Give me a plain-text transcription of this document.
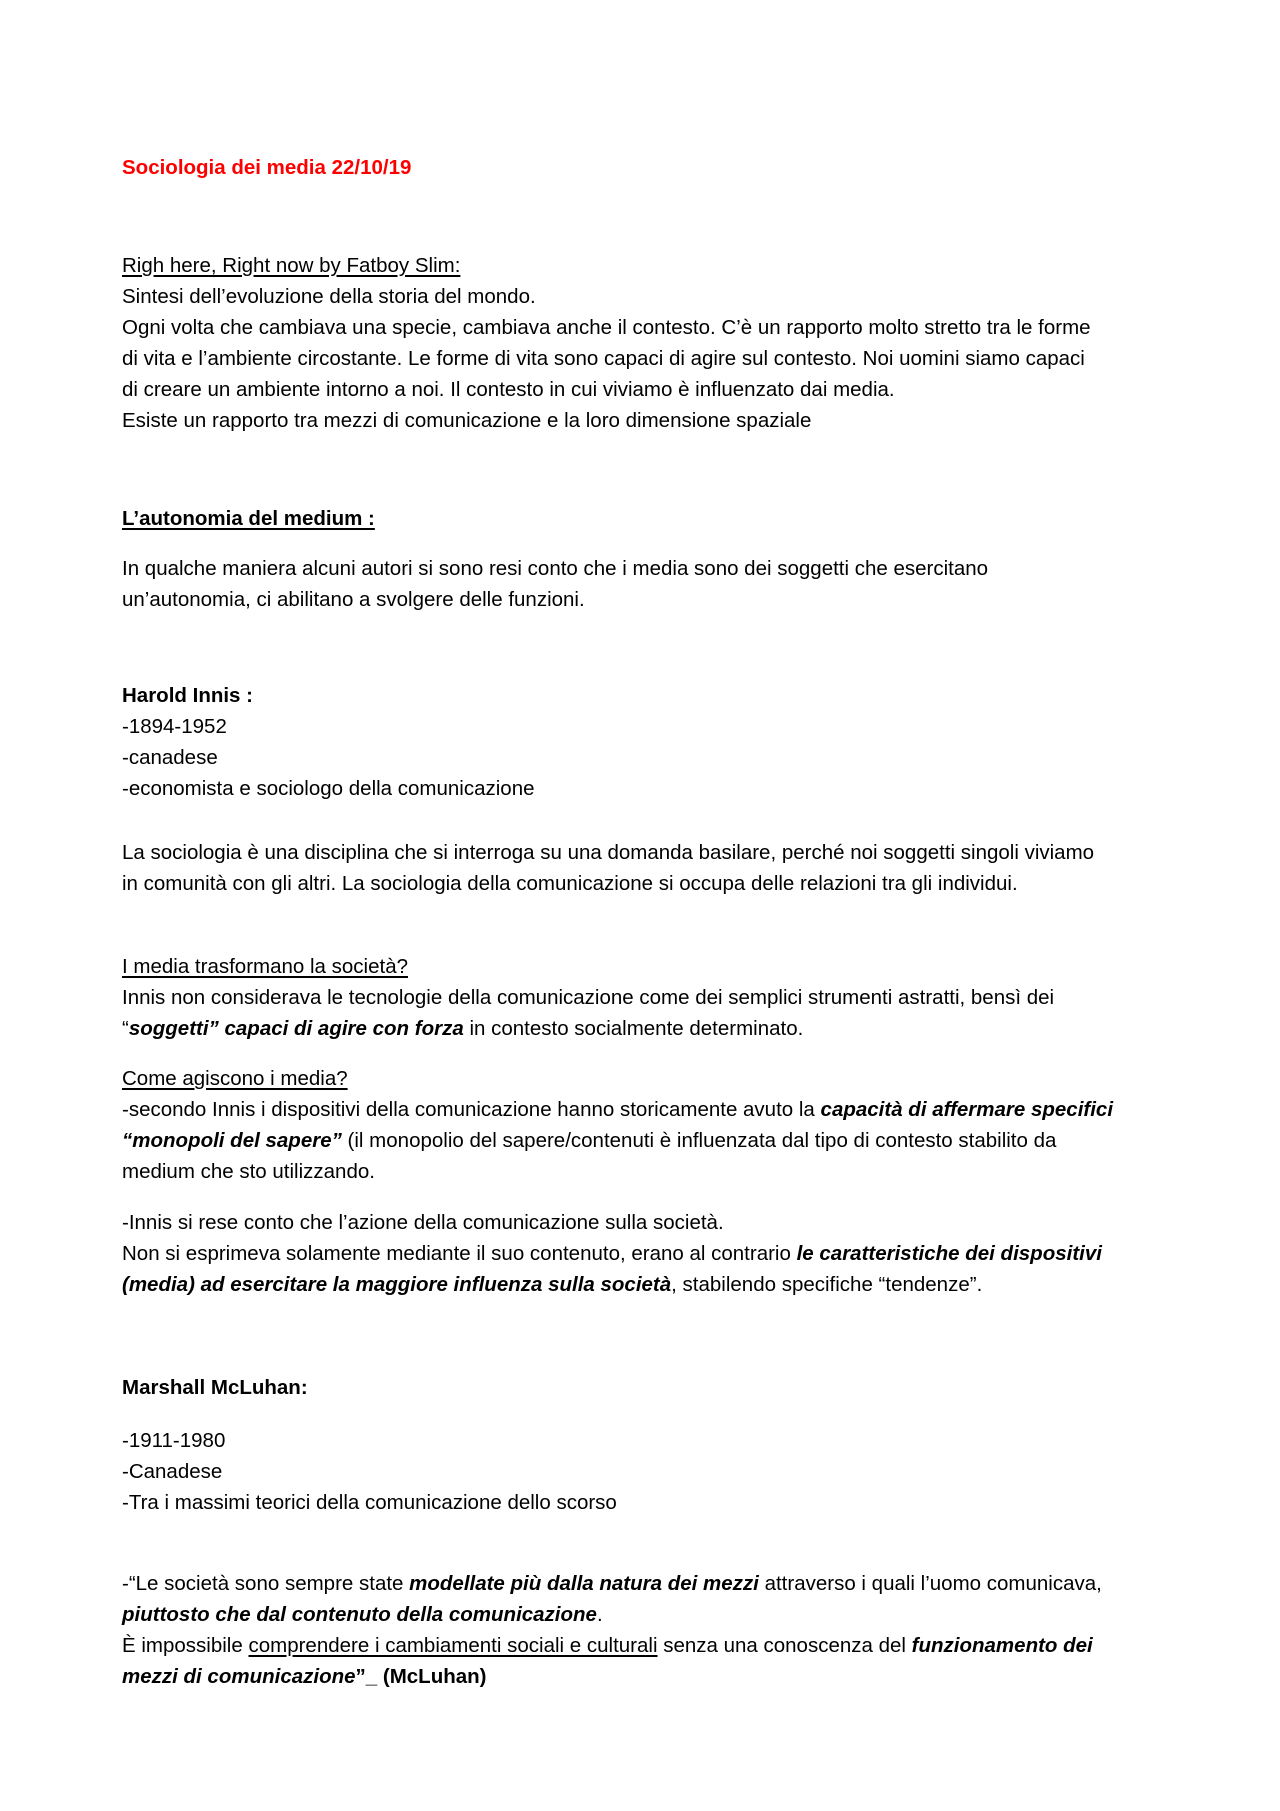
Sociologia dei media 22/10/19
Righ here, Right now by Fatboy Slim:
Sintesi dell’evoluzione della storia del mondo.
Ogni volta che cambiava una specie, cambiava anche il contesto. C’è un rapporto molto stretto tra le forme
di vita e l’ambiente circostante. Le forme di vita sono capaci di agire sul contesto. Noi uomini siamo capaci
di creare un ambiente intorno a noi. Il contesto in cui viviamo è influenzato dai media.
Esiste un rapporto tra mezzi di comunicazione e la loro dimensione spaziale
L’autonomia del medium :
In qualche maniera alcuni autori si sono resi conto che i media sono dei soggetti che esercitano
un’autonomia, ci abilitano a svolgere delle funzioni.
Harold Innis :
-1894-1952
-canadese
-economista e sociologo della comunicazione
La sociologia è una disciplina che si interroga su una domanda basilare, perché noi soggetti singoli viviamo
in comunità con gli altri. La sociologia della comunicazione si occupa delle relazioni tra gli individui.
I media trasformano la società?
Innis non considerava le tecnologie della comunicazione come dei semplici strumenti astratti, bensì dei
“soggetti” capaci di agire con forza in contesto socialmente determinato.
Come agiscono i media?
-secondo Innis i dispositivi della comunicazione hanno storicamente avuto la capacità di affermare specifici
“monopoli del sapere” (il monopolio del sapere/contenuti è influenzata dal tipo di contesto stabilito da
medium che sto utilizzando.
-Innis si rese conto che l’azione della comunicazione sulla società.
Non si esprimeva solamente mediante il suo contenuto, erano al contrario le caratteristiche dei dispositivi
(media) ad esercitare la maggiore influenza sulla società, stabilendo specifiche “tendenze”.
Marshall McLuhan:
-1911-1980
-Canadese
-Tra i massimi teorici della comunicazione dello scorso
-“Le società sono sempre state modellate più dalla natura dei mezzi attraverso i quali l’uomo comunicava,
piuttosto che dal contenuto della comunicazione.
È impossibile comprendere i cambiamenti sociali e culturali senza una conoscenza del funzionamento dei
mezzi di comunicazione”_ (McLuhan)
